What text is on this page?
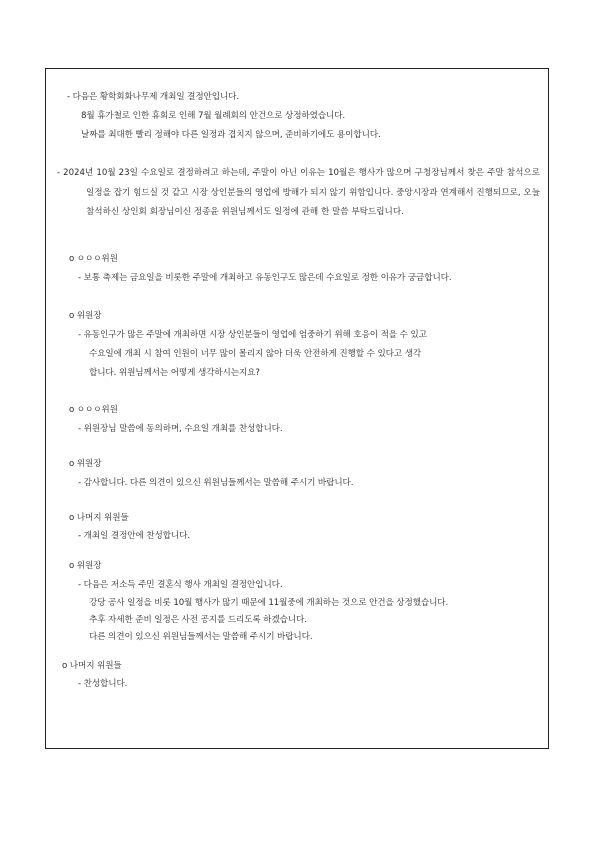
- 다음은 황학회화나무제 개최일 결정안입니다.
8월 휴가철로 인한 휴회로 인해 7월 월례회의 안건으로 상정하였습니다.
날짜를 최대한 빨리 정해야 다른 일정과 겹치지 않으며, 준비하기에도 용이합니다.
- 2024년 10월 23일 수요일로 결정하려고 하는데, 주말이 아닌 이유는 10월은 행사가 많으며 구청장님께서 찾은 주말 참석으로 일정을 잡기 힘드실 것 같고 시장 상인분들의 영업에 방해가 되지 않기 위함입니다. 중앙시장과 연계해서 진행되므로, 오늘 참석하신 상인회 회장님이신 정종윤 위원님께서도 일정에 관해 한 말씀 부탁드립니다.
o ㅇㅇㅇ위원
- 보통 축제는 금요일을 비롯한 주말에 개최하고 유동인구도 많은데 수요일로 정한 이유가 궁금합니다.
o 위원장
- 유동인구가 많은 주말에 개최하면 시장 상인분들이 영업에 엄중하기 위해 호응이 적을 수 있고
수요일에 개최 시 참여 인원이 너무 많이 몰리지 않아 더욱 안전하게 진행할 수 있다고 생각
합니다. 위원님께서는 어떻게 생각하시는지요?
o ㅇㅇㅇ위원
- 위원장님 말씀에 동의하며, 수요일 개최를 찬성합니다.
o 위원장
- 감사합니다. 다른 의견이 있으신 위원님들께서는 말씀해 주시기 바랍니다.
o 나머지 위원들
- 개최일 결정안에 찬성합니다.
o 위원장
- 다음은 저소득 주민 결혼식 행사 개최일 결정안입니다.
강당 공사 일정을 비롯 10월 행사가 많기 때문에 11월중에 개최하는 것으로 안건을 상정했습니다.
추후 자세한 준비 일정은 사전 공지를 드리도록 하겠습니다.
다른 의견이 있으신 위원님들께서는 말씀해 주시기 바랍니다.
o 나머지 위원들
- 찬성합니다.
